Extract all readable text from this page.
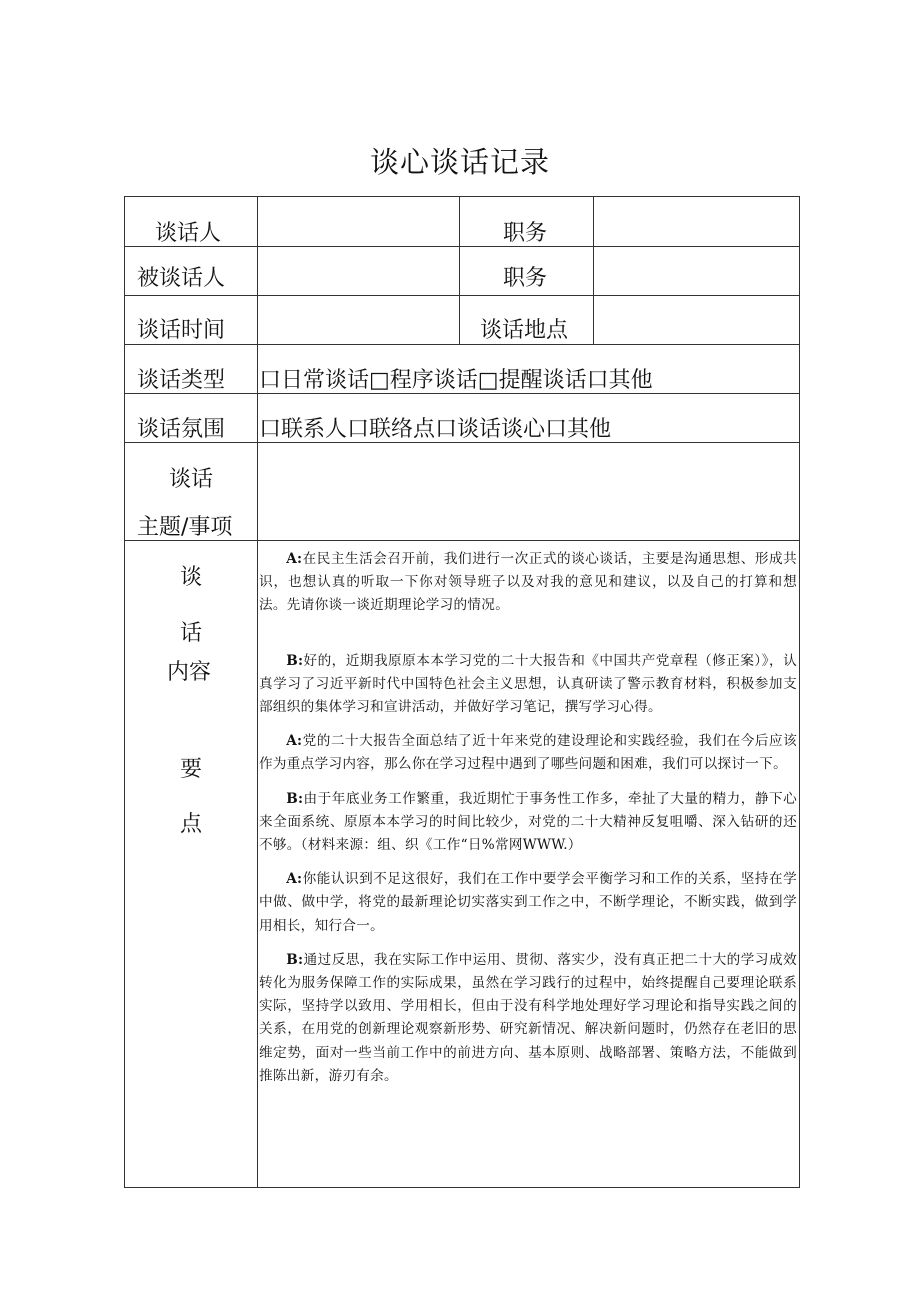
谈心谈话记录
谈话人	职务
被谈话人	职务
谈话时间	谈话地点
谈话类型 口日常谈话□程序谈话□提醒谈话口其他
谈话氛围 口联系人口联络点口谈话谈心口其他
谈话
主题/事项
谈
话
内容
要
点

A:在民主生活会召开前，我们进行一次正式的谈心谈话，主要是沟通思想、形成共识，也想认真的听取一下你对领导班子以及对我的意见和建议，以及自己的打算和想法。先请你谈一谈近期理论学习的情况。

B:好的，近期我原原本本学习党的二十大报告和《中国共产党章程（修正案）》，认真学习了习近平新时代中国特色社会主义思想，认真研读了警示教育材料，积极参加支部组织的集体学习和宣讲活动，并做好学习笔记，撰写学习心得。

A:党的二十大报告全面总结了近十年来党的建设理论和实践经验，我们在今后应该作为重点学习内容，那么你在学习过程中遇到了哪些问题和困难，我们可以探讨一下。

B:由于年底业务工作繁重，我近期忙于事务性工作多，牵扯了大量的精力，静下心来全面系统、原原本本学习的时间比较少，对党的二十大精神反复咀嚼、深入钻研的还不够。（材料来源：组、织《工作“日%常网WWW.）

A:你能认识到不足这很好，我们在工作中要学会平衡学习和工作的关系，坚持在学中做、做中学，将党的最新理论切实落实到工作之中，不断学理论，不断实践，做到学用相长，知行合一。

B:通过反思，我在实际工作中运用、贯彻、落实少，没有真正把二十大的学习成效转化为服务保障工作的实际成果，虽然在学习践行的过程中，始终提醒自己要理论联系实际，坚持学以致用、学用相长，但由于没有科学地处理好学习理论和指导实践之间的关系，在用党的创新理论观察新形势、研究新情况、解决新问题时，仍然存在老旧的思维定势，面对一些当前工作中的前进方向、基本原则、战略部署、策略方法，不能做到推陈出新，游刃有余。
